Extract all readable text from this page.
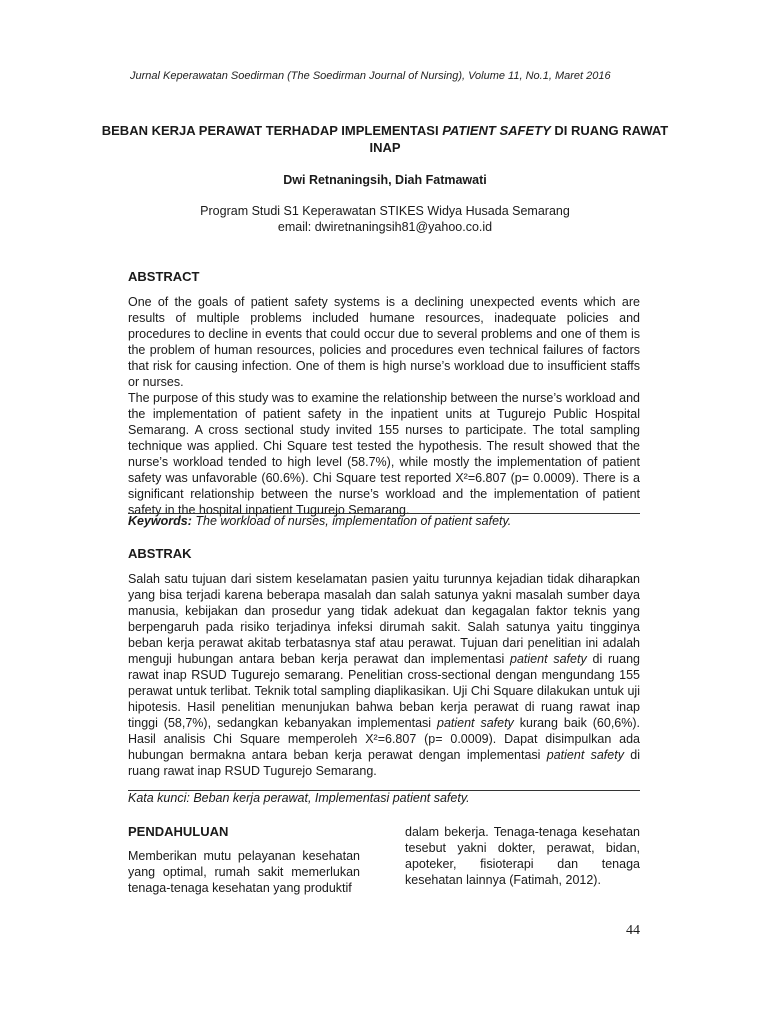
Jurnal Keperawatan Soedirman (The Soedirman Journal of Nursing), Volume 11, No.1, Maret 2016
BEBAN KERJA PERAWAT TERHADAP IMPLEMENTASI PATIENT SAFETY DI RUANG RAWAT INAP
Dwi Retnaningsih, Diah Fatmawati
Program Studi S1 Keperawatan STIKES Widya Husada Semarang
email: dwiretnaningsih81@yahoo.co.id
ABSTRACT

One of the goals of patient safety systems is a declining unexpected events which are results of multiple problems included humane resources, inadequate policies and procedures to decline in events that could occur due to several problems and one of them is the problem of human resources, policies and procedures even technical failures of factors that risk for causing infection. One of them is high nurse’s workload due to insufficient staffs or nurses.

The purpose of this study was to examine the relationship between the nurse’s workload and the implementation of patient safety in the inpatient units at Tugurejo Public Hospital Semarang. A cross sectional study invited 155 nurses to participate. The total sampling technique was applied. Chi Square test tested the hypothesis. The result showed that the nurse’s workload tended to high level (58.7%), while mostly the implementation of patient safety was unfavorable (60.6%). Chi Square test reported X²=6.807 (p= 0.0009). There is a significant relationship between the nurse’s workload and the implementation of patient safety in the hospital inpatient Tugurejo Semarang.

Keywords: The workload of nurses, implementation of patient safety.
ABSTRAK
Salah satu tujuan dari sistem keselamatan pasien yaitu turunnya kejadian tidak diharapkan yang bisa terjadi karena beberapa masalah dan salah satunya yakni masalah sumber daya manusia, kebijakan dan prosedur yang tidak adekuat dan kegagalan faktor teknis yang berpengaruh pada risiko terjadinya infeksi dirumah sakit. Salah satunya yaitu tingginya beban kerja perawat akitab terbatasnya staf atau perawat. Tujuan dari penelitian ini adalah menguji hubungan antara beban kerja perawat dan implementasi patient safety di ruang rawat inap RSUD Tugurejo semarang. Penelitian cross-sectional dengan mengundang 155 perawat untuk terlibat. Teknik total sampling diaplikasikan. Uji Chi Square dilakukan untuk uji hipotesis. Hasil penelitian menunjukan bahwa beban kerja perawat di ruang rawat inap tinggi (58,7%), sedangkan kebanyakan implementasi patient safety kurang baik (60,6%). Hasil analisis Chi Square memperoleh X²=6.807 (p= 0.0009). Dapat disimpulkan ada hubungan bermakna antara beban kerja perawat dengan implementasi patient safety di ruang rawat inap RSUD Tugurejo Semarang.
Kata kunci: Beban kerja perawat, Implementasi patient safety.
PENDAHULUAN
Memberikan mutu pelayanan kesehatan yang optimal, rumah sakit memerlukan tenaga-tenaga kesehatan yang produktif
dalam bekerja. Tenaga-tenaga kesehatan tesebut yakni dokter, perawat, bidan, apoteker, fisioterapi dan tenaga kesehatan lainnya (Fatimah, 2012).
44
